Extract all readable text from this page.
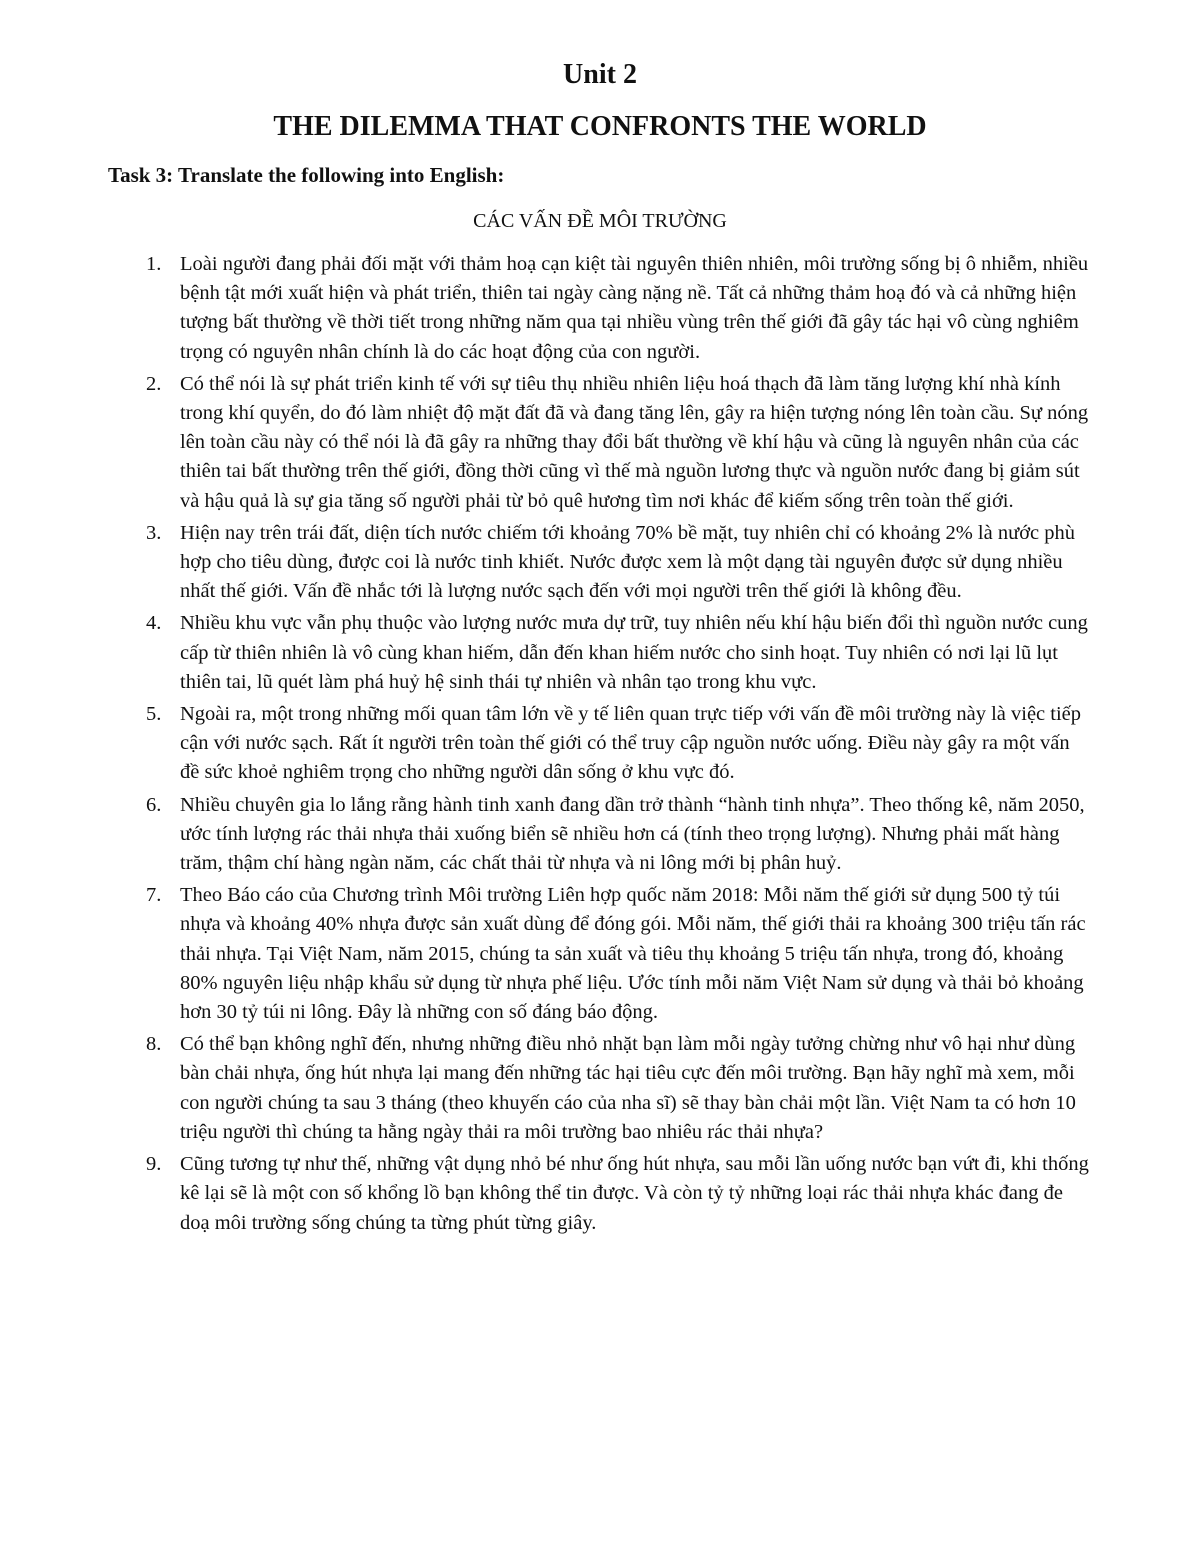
Unit 2
THE DILEMMA THAT CONFRONTS THE WORLD
Task 3: Translate the following into English:
CÁC VẤN ĐỀ MÔI TRƯỜNG
1. Loài người đang phải đối mặt với thảm hoạ cạn kiệt tài nguyên thiên nhiên, môi trường sống bị ô nhiễm, nhiều bệnh tật mới xuất hiện và phát triển, thiên tai ngày càng nặng nề. Tất cả những thảm hoạ đó và cả những hiện tượng bất thường về thời tiết trong những năm qua tại nhiều vùng trên thế giới đã gây tác hại vô cùng nghiêm trọng có nguyên nhân chính là do các hoạt động của con người.
2. Có thể nói là sự phát triển kinh tế với sự tiêu thụ nhiều nhiên liệu hoá thạch đã làm tăng lượng khí nhà kính trong khí quyển, do đó làm nhiệt độ mặt đất đã và đang tăng lên, gây ra hiện tượng nóng lên toàn cầu. Sự nóng lên toàn cầu này có thể nói là đã gây ra những thay đổi bất thường về khí hậu và cũng là nguyên nhân của các thiên tai bất thường trên thế giới, đồng thời cũng vì thế mà nguồn lương thực và nguồn nước đang bị giảm sút và hậu quả là sự gia tăng số người phải từ bỏ quê hương tìm nơi khác để kiếm sống trên toàn thế giới.
3. Hiện nay trên trái đất, diện tích nước chiếm tới khoảng 70% bề mặt, tuy nhiên chỉ có khoảng 2% là nước phù hợp cho tiêu dùng, được coi là nước tinh khiết. Nước được xem là một dạng tài nguyên được sử dụng nhiều nhất thế giới. Vấn đề nhắc tới là lượng nước sạch đến với mọi người trên thế giới là không đều.
4. Nhiều khu vực vẫn phụ thuộc vào lượng nước mưa dự trữ, tuy nhiên nếu khí hậu biến đổi thì nguồn nước cung cấp từ thiên nhiên là vô cùng khan hiếm, dẫn đến khan hiếm nước cho sinh hoạt. Tuy nhiên có nơi lại lũ lụt thiên tai, lũ quét làm phá huỷ hệ sinh thái tự nhiên và nhân tạo trong khu vực.
5. Ngoài ra, một trong những mối quan tâm lớn về y tế liên quan trực tiếp với vấn đề môi trường này là việc tiếp cận với nước sạch. Rất ít người trên toàn thế giới có thể truy cập nguồn nước uống. Điều này gây ra một vấn đề sức khoẻ nghiêm trọng cho những người dân sống ở khu vực đó.
6. Nhiều chuyên gia lo lắng rằng hành tinh xanh đang dần trở thành “hành tinh nhựa”. Theo thống kê, năm 2050, ước tính lượng rác thải nhựa thải xuống biển sẽ nhiều hơn cá (tính theo trọng lượng). Nhưng phải mất hàng trăm, thậm chí hàng ngàn năm, các chất thải từ nhựa và ni lông mới bị phân huỷ.
7. Theo Báo cáo của Chương trình Môi trường Liên hợp quốc năm 2018: Mỗi năm thế giới sử dụng 500 tỷ túi nhựa và khoảng 40% nhựa được sản xuất dùng để đóng gói. Mỗi năm, thế giới thải ra khoảng 300 triệu tấn rác thải nhựa. Tại Việt Nam, năm 2015, chúng ta sản xuất và tiêu thụ khoảng 5 triệu tấn nhựa, trong đó, khoảng 80% nguyên liệu nhập khẩu sử dụng từ nhựa phế liệu. Ước tính mỗi năm Việt Nam sử dụng và thải bỏ khoảng hơn 30 tỷ túi ni lông. Đây là những con số đáng báo động.
8. Có thể bạn không nghĩ đến, nhưng những điều nhỏ nhặt bạn làm mỗi ngày tưởng chừng như vô hại như dùng bàn chải nhựa, ống hút nhựa lại mang đến những tác hại tiêu cực đến môi trường. Bạn hãy nghĩ mà xem, mỗi con người chúng ta sau 3 tháng (theo khuyến cáo của nha sĩ) sẽ thay bàn chải một lần. Việt Nam ta có hơn 10 triệu người thì chúng ta hằng ngày thải ra môi trường bao nhiêu rác thải nhựa?
9. Cũng tương tự như thế, những vật dụng nhỏ bé như ống hút nhựa, sau mỗi lần uống nước bạn vứt đi, khi thống kê lại sẽ là một con số khổng lồ bạn không thể tin được. Và còn tỷ tỷ những loại rác thải nhựa khác đang đe doạ môi trường sống chúng ta từng phút từng giây.
